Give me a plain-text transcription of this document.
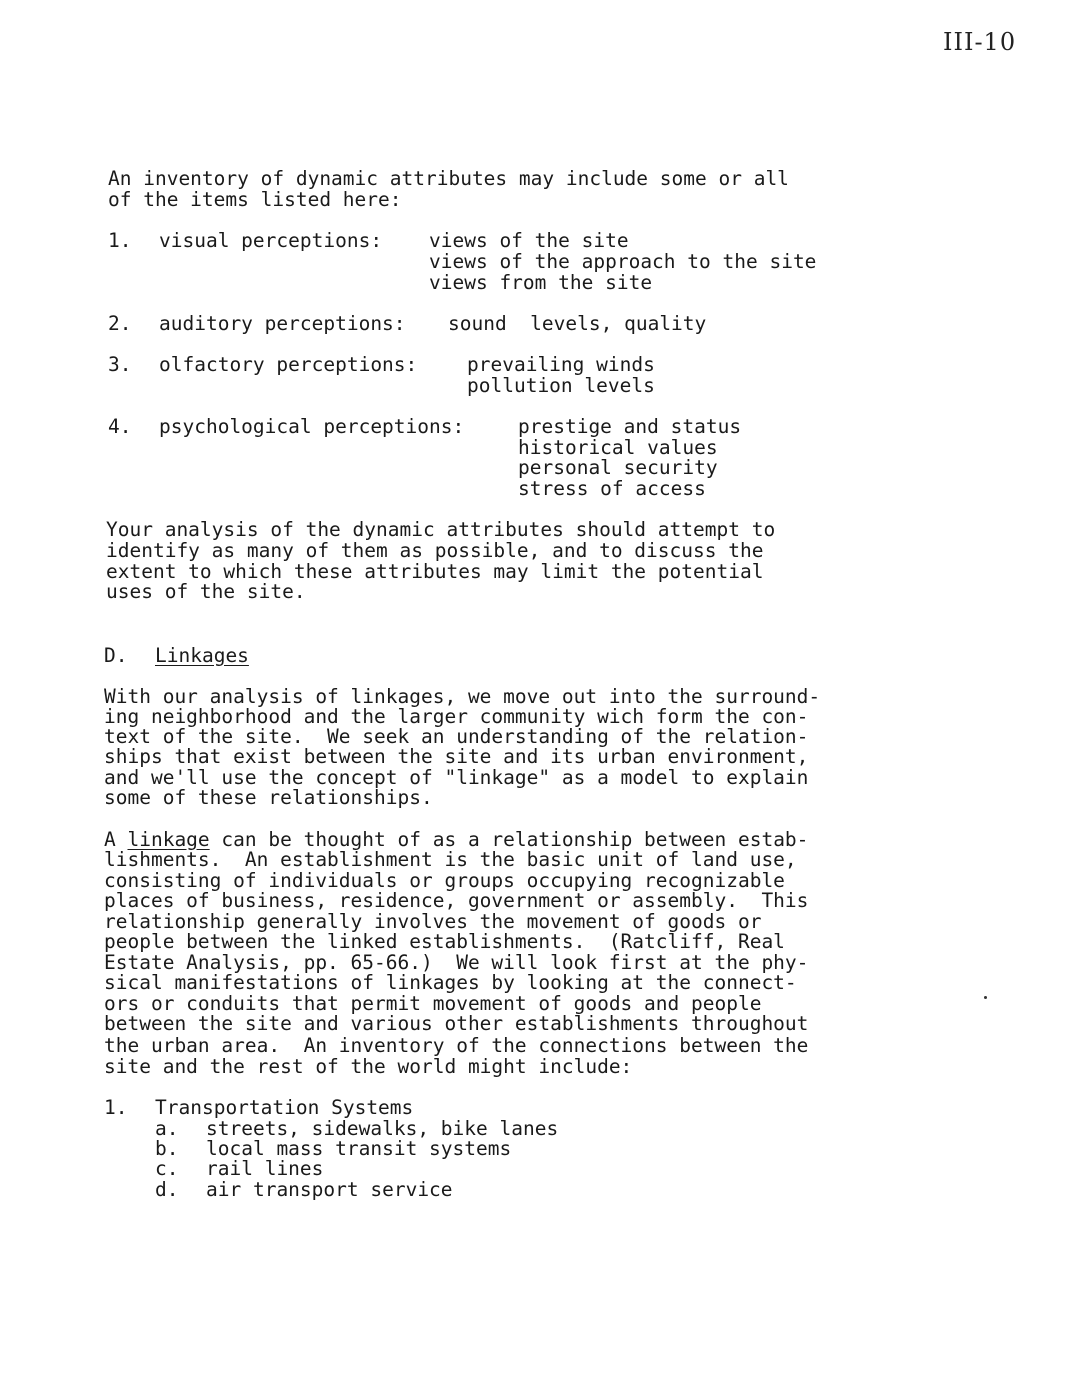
III-10
An inventory of dynamic attributes may include some or all
of the items listed here:
1. visual perceptions: views of the site
views of the approach to the site
views from the site
2. auditory perceptions: sound  levels, quality
3. olfactory perceptions:	prevailing winds
pollution levels
4. psychological perceptions:	prestige and status
historical values
personal security
stress of access
Your analysis of the dynamic attributes should attempt to
identify as many of them as possible, and to discuss the
extent to which these attributes may limit the potential
uses of the site.
D. Linkages
With our analysis of linkages, we move out into the surround-
ing neighborhood and the larger community wich form the con-
text of the site.  We seek an understanding of the relation-
ships that exist between the site and its urban environment,
and we'll use the concept of "linkage" as a model to explain
some of these relationships.
A linkage can be thought of as a relationship between estab-
lishments.  An establishment is the basic unit of land use,
consisting of individuals or groups occupying recognizable
places of business, residence, government or assembly.  This
relationship generally involves the movement of goods or
people between the linked establishments.  (Ratcliff, Real
Estate Analysis, pp. 65-66.)  We will look first at the phy-
sical manifestations of linkages by looking at the connect-
ors or conduits that permit movement of goods and people
between the site and various other establishments throughout
the urban area.  An inventory of the connections between the
site and the rest of the world might include:
1. Transportation Systems
a. streets, sidewalks, bike lanes
b. local mass transit systems
c. rail lines
d. air transport service
